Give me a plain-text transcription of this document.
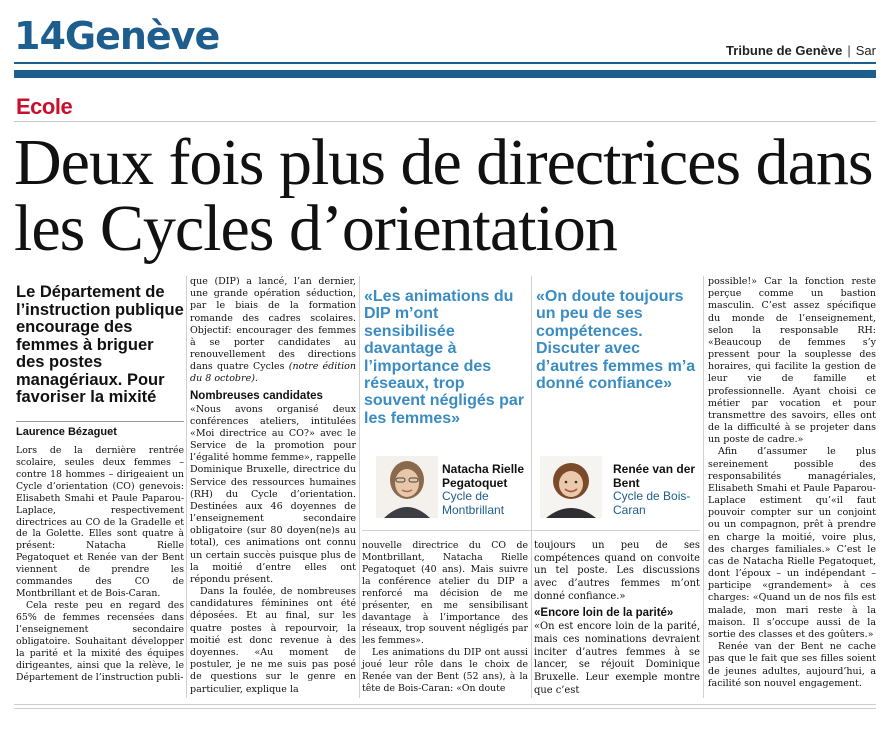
14Genève	Tribune de Genève | Sar
Ecole
Deux fois plus de directrices dans les Cycles d’orientation
Le Département de l’instruction publique encourage des femmes à briguer des postes managériaux. Pour favoriser la mixité
Laurence Bézaguet

Lors de la dernière rentrée scolaire, seules deux femmes – contre 18 hommes – dirigeaient un Cycle d’orientation (CO) genevois: Elisabeth Smahi et Paule Paparou-Laplace, respectivement directrices au CO de la Gradelle et de la Golette. Elles sont quatre à présent: Natacha Rielle Pegatoquet et Renée van der Bent viennent de prendre les commandes des CO de Montbrillant et de Bois-Caran.

Cela reste peu en regard des 65% de femmes recensées dans l’enseignement secondaire obligatoire. Souhaitant développer la parité et la mixité des équipes dirigeantes, ainsi que la relève, le Département de l’instruction publi-

que (DIP) a lancé, l’an dernier, une grande opération séduction, par le biais de la formation romande des cadres scolaires. Objectif: encourager des femmes à se porter candidates au renouvellement des directions dans quatre Cycles (notre édition du 8 octobre).

Nombreuses candidates

«Nous avons organisé deux conférences ateliers, intitulées «Moi directrice au CO?» avec le Service de la promotion pour l’égalité homme femme», rappelle Dominique Bruxelle, directrice du Service des ressources humaines (RH) du Cycle d’orientation. Destinées aux 46 doyennes de l’enseignement secondaire obligatoire (sur 80 doyen(ne)s au total), ces animations ont connu un certain succès puisque plus de la moitié d’entre elles ont répondu présent.

Dans la foulée, de nombreuses candidatures féminines ont été déposées. Et au final, sur les quatre postes à repourvoir, la moitié est donc revenue à des doyennes. «Au moment de postuler, je ne me suis pas posé de questions sur le genre en particulier, explique la

«Les animations du DIP m’ont sensibilisée davantage à l’importance des réseaux, trop souvent négligés par les femmes»
Natacha Rielle Pegatoquet
Cycle de Montbrillant
«On doute toujours un peu de ses compétences. Discuter avec d’autres femmes m’a donné confiance»
Renée van der Bent
Cycle de Bois-Caran

nouvelle directrice du CO de Montbrillant, Natacha Rielle Pegatoquet (40 ans). Mais suivre la conférence atelier du DIP a renforcé ma décision de me présenter, en me sensibilisant davantage à l’importance des réseaux, trop souvent négligés par les femmes».

Les animations du DIP ont aussi joué leur rôle dans le choix de Renée van der Bent (52 ans), à la tête de Bois-Caran: «On doute

toujours un peu de ses compétences quand on convoite un tel poste. Les discussions avec d’autres femmes m’ont donné confiance.»

«Encore loin de la parité»

«On est encore loin de la parité, mais ces nominations devraient inciter d’autres femmes à se lancer, se réjouit Dominique Bruxelle. Leur exemple montre que c’est

possible!» Car la fonction reste perçue comme un bastion masculin. C’est assez spécifique du monde de l’enseignement, selon la responsable RH: «Beaucoup de femmes s’y pressent pour la souplesse des horaires, qui facilite la gestion de leur vie de famille et professionnelle. Ayant choisi ce métier par vocation et pour transmettre des savoirs, elles ont de la difficulté à se projeter dans un poste de cadre.»

Afin d’assumer le plus sereinement possible des responsabilités managériales, Elisabeth Smahi et Paule Paparou-Laplace estiment qu’«il faut pouvoir compter sur un conjoint ou un compagnon, prêt à prendre en charge la moitié, voire plus, des charges familiales.» C’est le cas de Natacha Rielle Pegatoquet, dont l’époux – un indépendant – participe «grandement» à ces charges: «Quand un de nos fils est malade, mon mari reste à la maison. Il s’occupe aussi de la sortie des classes et des goûters.»

Renée van der Bent ne cache pas que le fait que ses filles soient de jeunes adultes, aujourd’hui, a facilité son nouvel engagement.
